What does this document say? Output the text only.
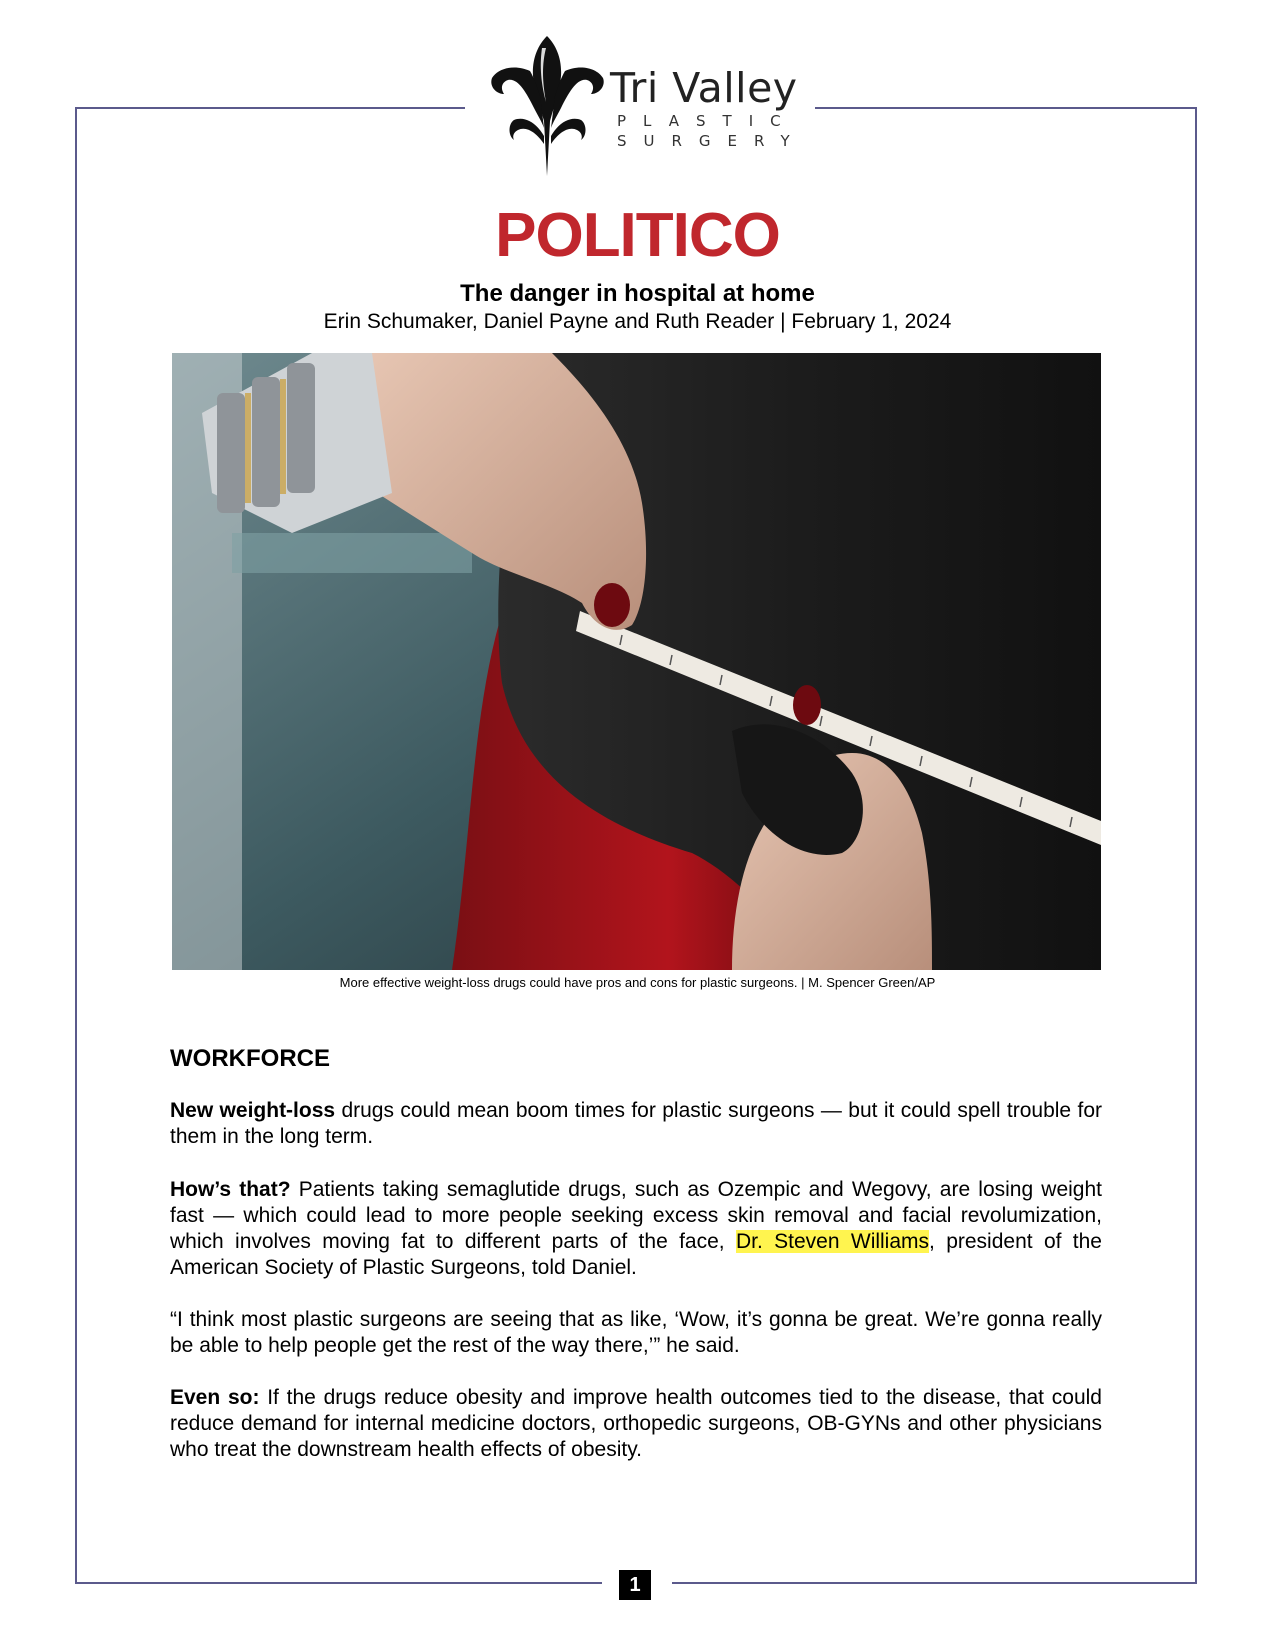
Tri Valley
PLASTIC
SURGERY
POLITICO
The danger in hospital at home
Erin Schumaker, Daniel Payne and Ruth Reader | February 1, 2024
More effective weight-loss drugs could have pros and cons for plastic surgeons. | M. Spencer Green/AP
WORKFORCE

New weight-loss drugs could mean boom times for plastic surgeons — but it could spell trouble for them in the long term.

How’s that? Patients taking semaglutide drugs, such as Ozempic and Wegovy, are losing weight fast — which could lead to more people seeking excess skin removal and facial revolumization, which involves moving fat to different parts of the face, Dr. Steven Williams, president of the American Society of Plastic Surgeons, told Daniel.

“I think most plastic surgeons are seeing that as like, ‘Wow, it’s gonna be great. We’re gonna really be able to help people get the rest of the way there,’” he said.

Even so: If the drugs reduce obesity and improve health outcomes tied to the disease, that could reduce demand for internal medicine doctors, orthopedic surgeons, OB-GYNs and other physicians who treat the downstream health effects of obesity.

1
